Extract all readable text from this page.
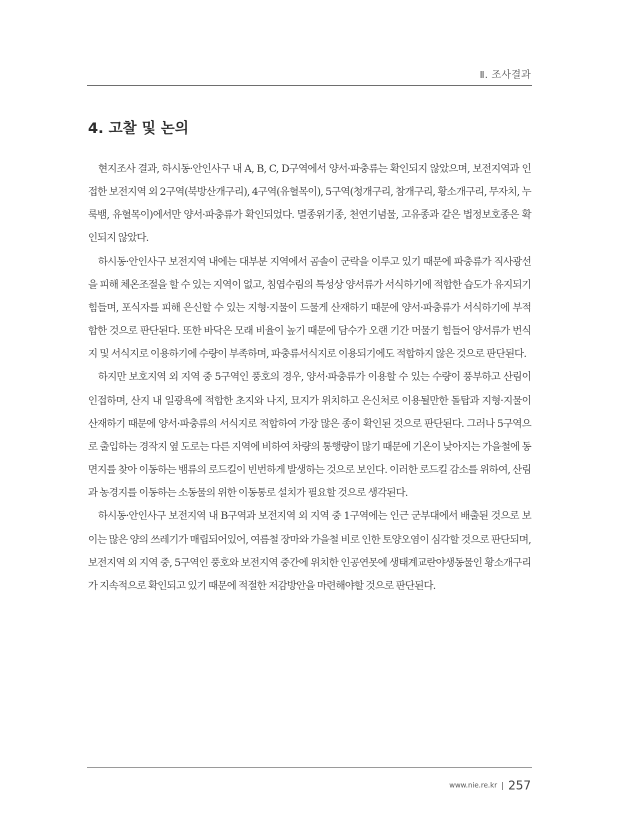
Ⅱ. 조사결과
4. 고찰 및 논의

현지조사 결과, 하시동·안인사구 내 A, B, C, D구역에서 양서·파충류는 확인되지 않았으며, 보전지역과 인접한 보전지역 외 2구역(북방산개구리), 4구역(유혈목이), 5구역(청개구리, 참개구리, 황소개구리, 무자치, 누룩뱀, 유혈목이)에서만 양서·파충류가 확인되었다. 멸종위기종, 천연기념물, 고유종과 같은 법정보호종은 확인되지 않았다.

하시동·안인사구 보전지역 내에는 대부분 지역에서 곰솔이 군락을 이루고 있기 때문에 파충류가 직사광선을 피해 체온조절을 할 수 있는 지역이 없고, 침엽수림의 특성상 양서류가 서식하기에 적합한 습도가 유지되기 힘들며, 포식자를 피해 은신할 수 있는 지형·지물이 드물게 산재하기 때문에 양서·파충류가 서식하기에 부적합한 것으로 판단된다. 또한 바닥은 모래 비율이 높기 때문에 담수가 오랜 기간 머물기 힘들어 양서류가 번식지 및 서식지로 이용하기에 수량이 부족하며, 파충류서식지로 이용되기에도 적합하지 않은 것으로 판단된다.

하지만 보호지역 외 지역 중 5구역인 풍호의 경우, 양서·파충류가 이용할 수 있는 수량이 풍부하고 산림이 인접하며, 산지 내 일광욕에 적합한 초지와 나지, 묘지가 위치하고 은신처로 이용될만한 돌탑과 지형·지물이 산재하기 때문에 양서·파충류의 서식지로 적합하여 가장 많은 종이 확인된 것으로 판단된다. 그러나 5구역으로 출입하는 경작지 옆 도로는 다른 지역에 비하여 차량의 통행량이 많기 때문에 기온이 낮아지는 가을철에 동면지를 찾아 이동하는 뱀류의 로드킬이 빈번하게 발생하는 것으로 보인다. 이러한 로드킬 감소를 위하여, 산림과 농경지를 이동하는 소동물의 위한 이동통로 설치가 필요할 것으로 생각된다.

하시동·안인사구 보전지역 내 B구역과 보전지역 외 지역 중 1구역에는 인근 군부대에서 배출된 것으로 보이는 많은 양의 쓰레기가 매립되어있어, 여름철 장마와 가을철 비로 인한 토양오염이 심각할 것으로 판단되며, 보전지역 외 지역 중, 5구역인 풍호와 보전지역 중간에 위치한 인공연못에 생태계교란야생동물인 황소개구리가 지속적으로 확인되고 있기 때문에 적절한 저감방안을 마련해야할 것으로 판단된다.

www.nie.re.kr 257
